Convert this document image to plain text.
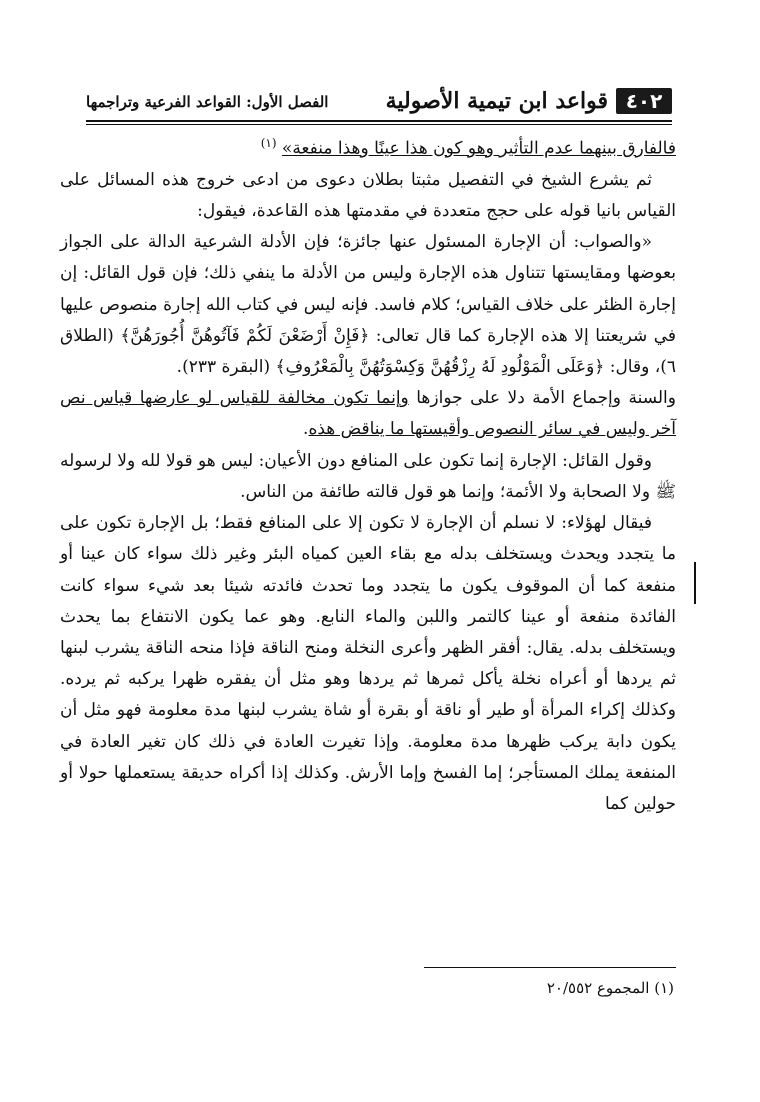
٤٠٢
قواعد ابن تيمية الأصولية
الفصل الأول: القواعد الفرعية وتراجمها

فالفارق بينهما عدم التأثير وهو كون هذا عينًا وهذا منفعة» $^{(١)}$

ثم يشرع الشيخ في التفصيل مثبتا بطلان دعوى من ادعى خروج هذه المسائل على القياس بانيا قوله على حجج متعددة في مقدمتها هذه القاعدة، فيقول:

«والصواب: أن الإجارة المسئول عنها جائزة؛ فإن الأدلة الشرعية الدالة على الجواز بعوضها ومقايستها تتناول هذه الإجارة وليس من الأدلة ما ينفي ذلك؛ فإن قول القائل: إن إجارة الظئر على خلاف القياس؛ كلام فاسد. فإنه ليس في كتاب الله إجارة منصوص عليها في شريعتنا إلا هذه الإجارة كما قال تعالى: ﴿فَإِنْ أَرْضَعْنَ لَكُمْ فَآتُوهُنَّ أُجُورَهُنَّ﴾ (الطلاق ٦)، وقال: ﴿وَعَلَى الْمَوْلُودِ لَهُ رِزْقُهُنَّ وَكِسْوَتُهُنَّ بِالْمَعْرُوفِ﴾ (البقرة ٢٣٣).

والسنة وإجماع الأمة دلا على جوازها وإنما تكون مخالفة للقياس لو عارضها قياس نص آخر وليس في سائر النصوص وأقيستها ما يناقض هذه.

وقول القائل: الإجارة إنما تكون على المنافع دون الأعيان: ليس هو قولا لله ولا لرسوله ﷺ ولا الصحابة ولا الأئمة؛ وإنما هو قول قالته طائفة من الناس.

فيقال لهؤلاء: لا نسلم أن الإجارة لا تكون إلا على المنافع فقط؛ بل الإجارة تكون على ما يتجدد ويحدث ويستخلف بدله مع بقاء العين كمياه البئر وغير ذلك سواء كان عينا أو منفعة كما أن الموقوف يكون ما يتجدد وما تحدث فائدته شيئا بعد شيء سواء كانت الفائدة منفعة أو عينا كالتمر واللبن والماء النابع. وهو عما يكون الانتفاع بما يحدث ويستخلف بدله. يقال: أفقر الظهر وأعرى النخلة ومنح الناقة فإذا منحه الناقة يشرب لبنها ثم يردها أو أعراه نخلة يأكل ثمرها ثم يردها وهو مثل أن يفقره ظهرا يركبه ثم يرده. وكذلك إكراء المرأة أو طير أو ناقة أو بقرة أو شاة يشرب لبنها مدة معلومة فهو مثل أن يكون دابة يركب ظهرها مدة معلومة. وإذا تغيرت العادة في ذلك كان تغير العادة في المنفعة يملك المستأجر؛ إما الفسخ وإما الأرش. وكذلك إذا أكراه حديقة يستعملها حولا أو حولين كما

(١) المجموع ٢٠/٥٥٢
